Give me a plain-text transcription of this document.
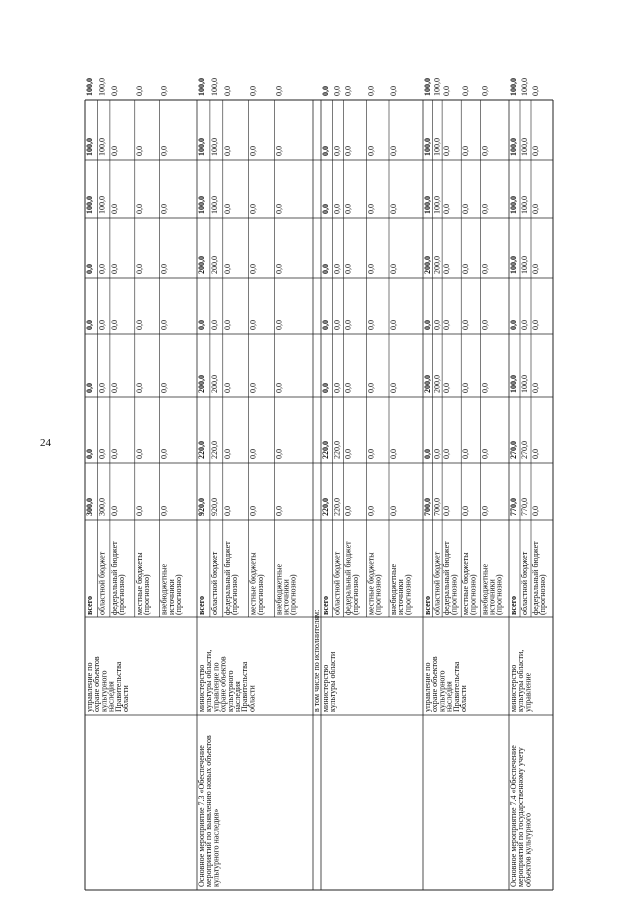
24
управление поохране объектовкультурногонаследияПравительстваобласти
всего
300,0
0,0
0,0
0,0
0,0
100,0
100,0
100,0
областной бюджет
300,0
0,0
0,0
0,0
0,0
100,0
100,0
100,0
федеральный бюджет(прогнозно)
0,0
0,0
0,0
0,0
0,0
0,0
0,0
0,0
местные бюджеты(прогнозно)
0,0
0,0
0,0
0,0
0,0
0,0
0,0
0,0
внебюджетныеисточники(прогнозно)
0,0
0,0
0,0
0,0
0,0
0,0
0,0
0,0
Основное мероприятие 7.3 «Обеспечениемероприятий по выявлению новых объектовкультурного наследия»
министерствокультуры области,управление поохране объектовкультурногонаследияПравительстваобласти
всего
920,0
220,0
200,0
0,0
200,0
100,0
100,0
100,0
областной бюджет
920,0
220,0
200,0
0,0
200,0
100,0
100,0
100,0
федеральный бюджет(прогнозно)
0,0
0,0
0,0
0,0
0,0
0,0
0,0
0,0
местные бюджеты(прогнозно)
0,0
0,0
0,0
0,0
0,0
0,0
0,0
0,0
внебюджетныеисточники(прогнозно)
0,0
0,0
0,0
0,0
0,0
0,0
0,0
0,0
в том числе по исполнителям: министерствокультуры области
всего
220,0
220,0
0,0
0,0
0,0
0,0
0,0
0,0
областной бюджет
220,0
220,0
0,0
0,0
0,0
0,0
0,0
0,0
федеральный бюджет(прогнозно)
0,0
0,0
0,0
0,0
0,0
0,0
0,0
0,0
местные бюджеты(прогнозно)
0,0
0,0
0,0
0,0
0,0
0,0
0,0
0,0
внебюджетныеисточники(прогнозно)
0,0
0,0
0,0
0,0
0,0
0,0
0,0
0,0
управление поохране объектовкультурногонаследияПравительстваобласти
всего
700,0
0,0
200,0
0,0
200,0
100,0
100,0
100,0
областной бюджет
700,0
0,0
200,0
0,0
200,0
100,0
100,0
100,0
федеральный бюджет(прогнозно)
0,0
0,0
0,0
0,0
0,0
0,0
0,0
0,0
местные бюджеты(прогнозно)
0,0
0,0
0,0
0,0
0,0
0,0
0,0
0,0
внебюджетныеисточники(прогнозно)
0,0
0,0
0,0
0,0
0,0
0,0
0,0
0,0
Основное мероприятие 7.4 «Обеспечениемероприятий по государственному учетуобъектов культурного
министерствокультуры области,управление
всего
770,0
270,0
100,0
0,0
100,0
100,0
100,0
100,0
областной бюджет
770,0
270,0
100,0
0,0
100,0
100,0
100,0
100,0
федеральный бюджет(прогнозно)
0,0
0,0
0,0
0,0
0,0
0,0
0,0
0,0
